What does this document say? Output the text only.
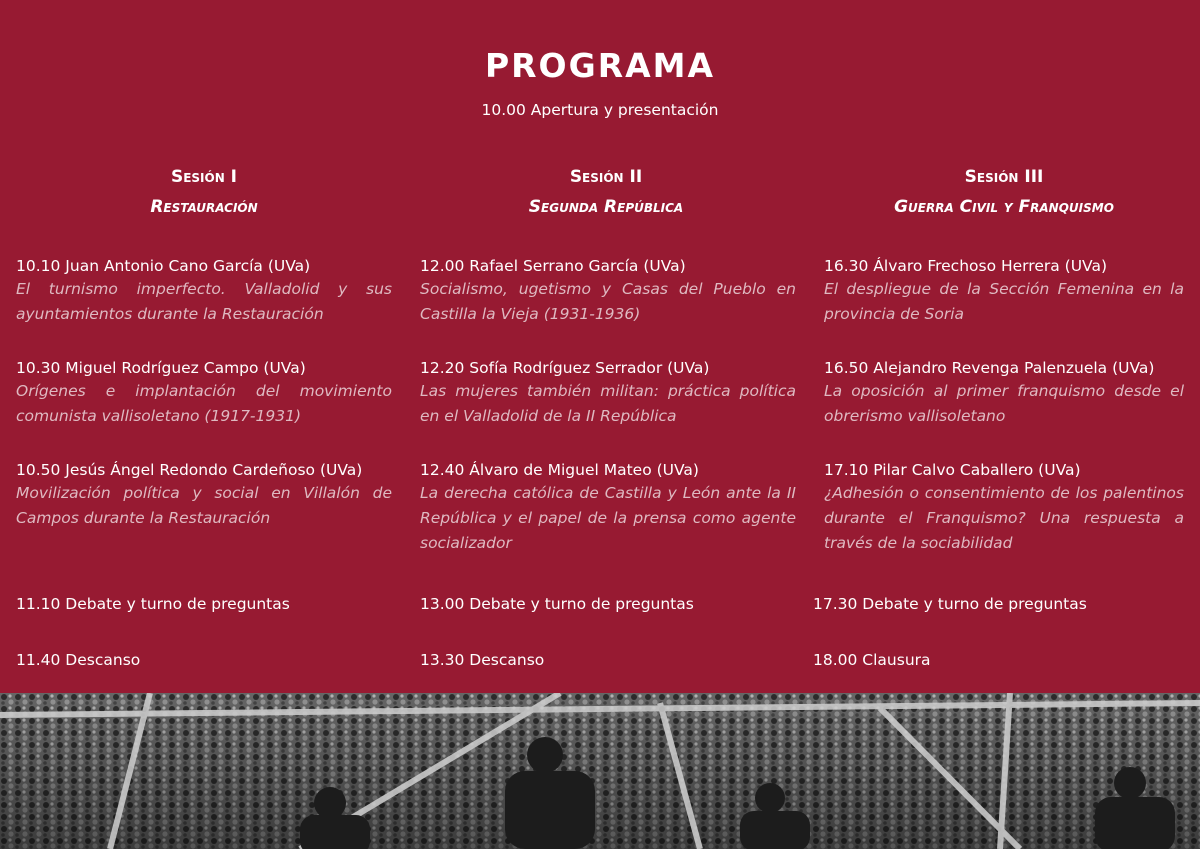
PROGRAMA
10.00 Apertura y presentación
Sesión I
Restauración
10.10 Juan Antonio Cano García (UVa)
El turnismo imperfecto. Valladolid y sus ayuntamientos durante la Restauración
10.30 Miguel Rodríguez Campo (UVa)
Orígenes e implantación del movimiento comunista vallisoletano (1917-1931)
10.50 Jesús Ángel Redondo Cardeñoso (UVa)
Movilización política y social en Villalón de Campos durante la Restauración
11.10 Debate y turno de preguntas
11.40 Descanso
Sesión II
Segunda República
12.00 Rafael Serrano García (UVa)
Socialismo, ugetismo y Casas del Pueblo en Castilla la Vieja (1931-1936)
12.20 Sofía Rodríguez Serrador (UVa)
Las mujeres también militan: práctica política en el Valladolid de la II República
12.40 Álvaro de Miguel Mateo (UVa)
La derecha católica de Castilla y León ante la II República y el papel de la prensa como agente socializador
13.00 Debate y turno de preguntas
13.30 Descanso
Sesión III
Guerra Civil y Franquismo
16.30 Álvaro Frechoso Herrera (UVa)
El despliegue de la Sección Femenina en la provincia de Soria
16.50 Alejandro Revenga Palenzuela (UVa)
La oposición al primer franquismo desde el obrerismo vallisoletano
17.10 Pilar Calvo Caballero (UVa)
¿Adhesión o consentimiento de los palentinos durante el Franquismo? Una respuesta a través de la sociabilidad
17.30 Debate y turno de preguntas
18.00 Clausura
